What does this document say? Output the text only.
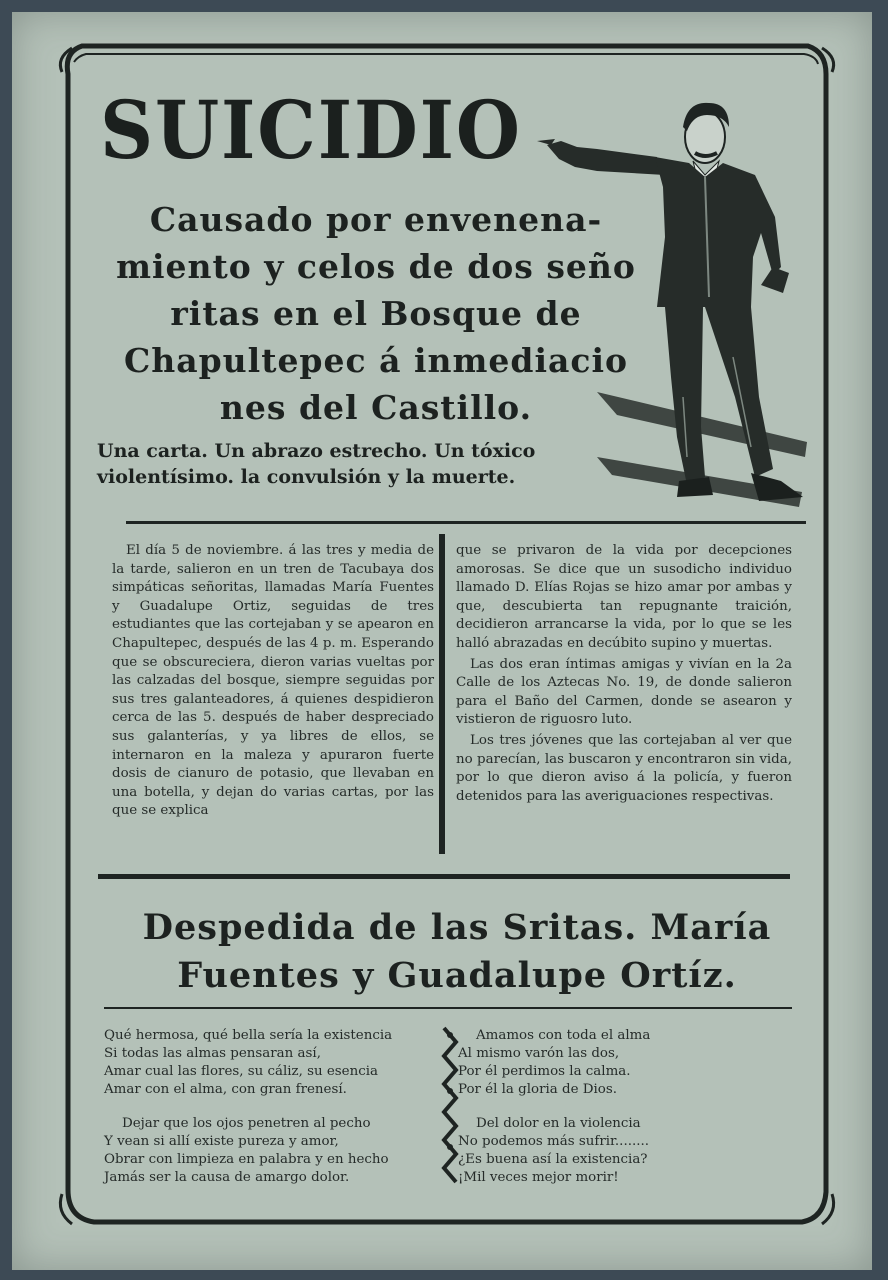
SUICIDIO
Causado por envenena-
miento y celos de dos seño
ritas en el Bosque de
Chapultepec á inmediacio
nes del Castillo.
Una carta. Un abrazo estrecho. Un tóxico violentísimo. la convulsión y la muerte.

El día 5 de noviembre. á las tres y media de la tarde, salieron en un tren de Tacubaya dos simpáticas señoritas, llamadas María Fuentes y Guadalupe Ortiz, seguidas de tres estudiantes que las cortejaban y se apearon en Chapultepec, después de las 4 p. m. Esperando que se obscureciera, dieron varias vueltas por las calzadas del bosque, siempre seguidas por sus tres galanteadores, á quienes despidieron cerca de las 5. después de haber despreciado sus galanterías, y ya libres de ellos, se internaron en la maleza y apuraron fuerte dosis de cianuro de potasio, que llevaban en una botella, y dejan do varias cartas, por las que se explica

que se privaron de la vida por decepciones amorosas. Se dice que un susodicho individuo llamado D. Elías Rojas se hizo amar por ambas y que, descubierta tan repugnante traición, decidieron arrancarse la vida, por lo que se les halló abrazadas en decúbito supino y muertas.

Las dos eran íntimas amigas y vivían en la 2a Calle de los Aztecas No. 19, de donde salieron para el Baño del Carmen, donde se asearon y vistieron de riguosro luto.

Los tres jóvenes que las cortejaban al ver que no parecían, las buscaron y encontraron sin vida, por lo que dieron aviso á la policía, y fueron detenidos para las averiguaciones respectivas.

Despedida de las Sritas. María
Fuentes y Guadalupe Ortíz.
Qué hermosa, qué bella sería la existencia
Si todas las almas pensaran así,
Amar cual las flores, su cáliz, su esencia
Amar con el alma, con gran frenesí.
Dejar que los ojos penetren al pecho
Y vean si allí existe pureza y amor,
Obrar con limpieza en palabra y en hecho
Jamás ser la causa de amargo dolor.
Amamos con toda el alma
Al mismo varón las dos,
Por él perdimos la calma.
Por él la gloria de Dios.
Del dolor en la violencia
No podemos más sufrir........
¿Es buena así la existencia?
¡Mil veces mejor morir!
